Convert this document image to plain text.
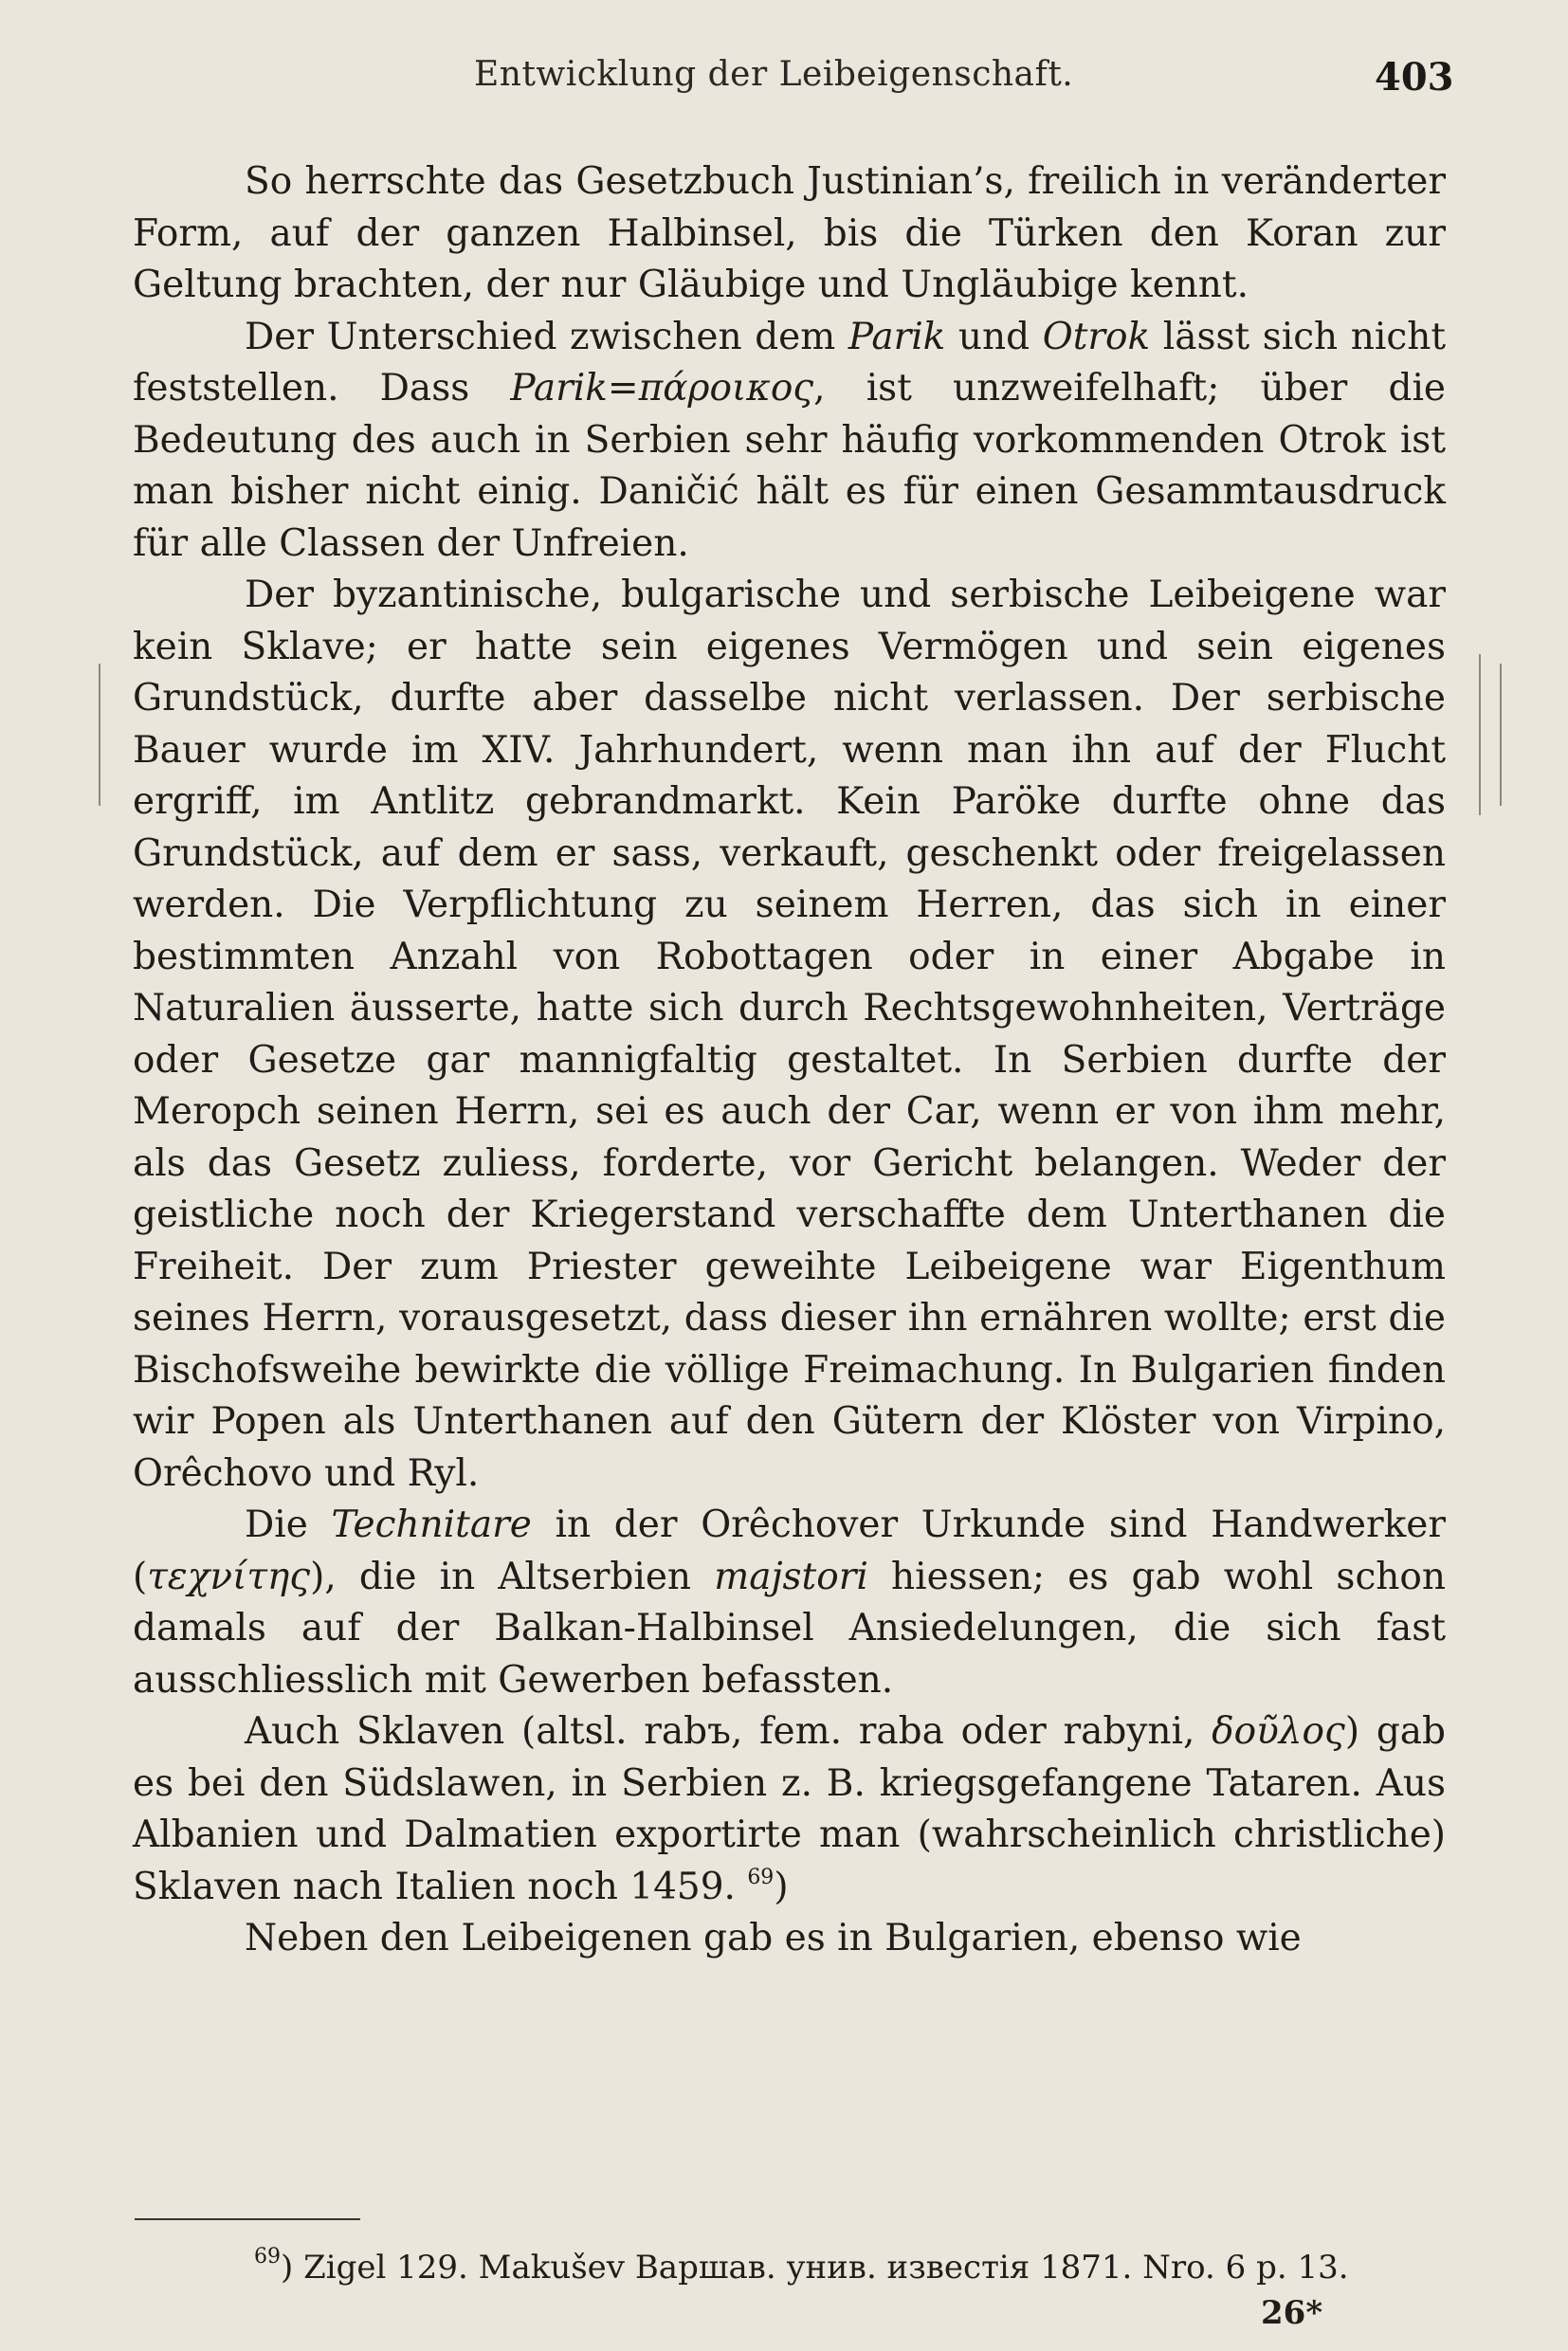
Entwicklung der Leibeigenschaft.	403

So herrschte das Gesetzbuch Justinian’s, freilich in veränderter Form, auf der ganzen Halbinsel, bis die Türken den Koran zur Geltung brachten, der nur Gläubige und Ungläubige kennt.

Der Unterschied zwischen dem Parik und Otrok lässt sich nicht feststellen. Dass Parik=πάροικος, ist unzweifelhaft; über die Bedeutung des auch in Serbien sehr häufig vorkommenden Otrok ist man bisher nicht einig. Daničić hält es für einen Gesammtausdruck für alle Classen der Unfreien.

Der byzantinische, bulgarische und serbische Leibeigene war kein Sklave; er hatte sein eigenes Vermögen und sein eigenes Grundstück, durfte aber dasselbe nicht verlassen. Der serbische Bauer wurde im XIV. Jahrhundert, wenn man ihn auf der Flucht ergriff, im Antlitz gebrandmarkt. Kein Paröke durfte ohne das Grundstück, auf dem er sass, verkauft, geschenkt oder freigelassen werden. Die Verpflichtung zu seinem Herren, das sich in einer bestimmten Anzahl von Robottagen oder in einer Abgabe in Naturalien äusserte, hatte sich durch Rechtsgewohnheiten, Verträge oder Gesetze gar mannigfaltig gestaltet. In Serbien durfte der Meropch seinen Herrn, sei es auch der Car, wenn er von ihm mehr, als das Gesetz zuliess, forderte, vor Gericht belangen. Weder der geistliche noch der Kriegerstand verschaffte dem Unterthanen die Freiheit. Der zum Priester geweihte Leibeigene war Eigenthum seines Herrn, vorausgesetzt, dass dieser ihn ernähren wollte; erst die Bischofsweihe bewirkte die völlige Freimachung. In Bulgarien finden wir Popen als Unterthanen auf den Gütern der Klöster von Virpino, Orêchovo und Ryl.

Die Technitare in der Orêchover Urkunde sind Handwerker (τεχνίτης), die in Altserbien majstori hiessen; es gab wohl schon damals auf der Balkan-Halbinsel Ansiedelungen, die sich fast ausschliesslich mit Gewerben befassten.

Auch Sklaven (altsl. rabъ, fem. raba oder rabyni, δοῦλος) gab es bei den Südslawen, in Serbien z. B. kriegsgefangene Tataren. Aus Albanien und Dalmatien exportirte man (wahrscheinlich christliche) Sklaven nach Italien noch 1459. $^{69}$)

Neben den Leibeigenen gab es in Bulgarien, ebenso wie

$^{69}$) Zigel 129. Makušev Варшав. унив. известія 1871. Nro. 6 p. 13.

26*
